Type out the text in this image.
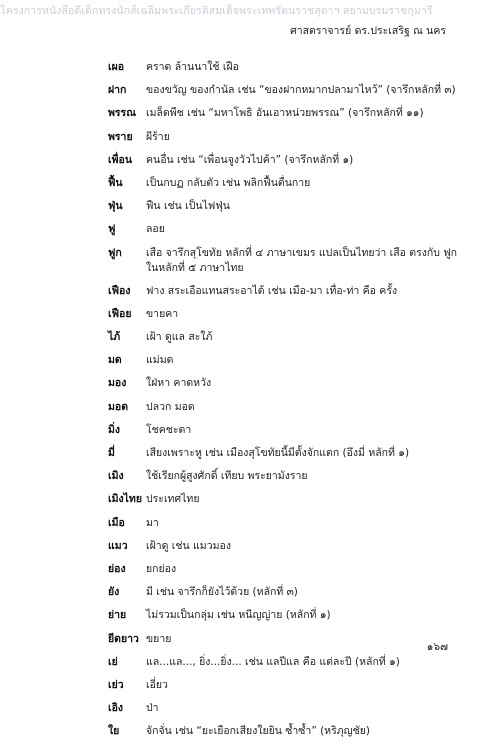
โครงการหนังสือดีเด็กทรงนักส์เฉลิมพระเกียรติสมเด็จพระเทพรัตนราชสุดาฯ สยามบรมราชกุมารี
ศาสตราจารย์ ดร.ประเสริฐ ณ นคร
เผอ	คราด ล้านนาใช้ เฝือ
ฝาก	ของขวัญ ของกำนัล เช่น “ของฝากหมากปลามาไหว้” (จารึกหลักที่ ๓)
พรรณ เมล็ดพืช เช่น “มหาโพธิ อันเอาหน่วยพรรณ” (จารึกหลักที่ ๑๑)
พราย	ผีร้าย
เพื่อน	คนอื่น เช่น “เพื่อนจูงวัวไปค้า” (จารึกหลักที่ ๑)
ฟื้น	เป็นกบฏ กลับตัว เช่น พลิกฟื้นตื่นกาย
ฟุ่น	ฟืน เช่น เป็นไฟฟุ่น
ฟู	ลอย
ฟูก	เสือ จารึกสุโขทัย หลักที่ ๔ ภาษาเขมร แปลเป็นไทยว่า เสือ ตรงกับ ฟูก ในหลักที่ ๕ ภาษาไทย
เฟือง	ฟาง สระเอือแทนสระอาได้ เช่น เมือ-มา เทื่อ-ท่า คือ ครั้ง
เฟือย	ขายคา
ไภ้	เฝ้า ดูแล สะใภ้
มด	แม่มด
มอง	ใฝ่หา คาดหวัง
มอด	ปลวก มอด
มิ่ง	โชคชะตา
มี่	เสียงเพราะหู เช่น เมืองสุโขทัยนี้มีตั้งจักแตก (อึงมี่ หลักที่ ๑)
เมิง	ใช้เรียกผู้สูงศักดิ์ เทียบ พระยามังราย
เมิงไทย ประเทศไทย
เมือ	มา
แมว	เฝ้าดู เช่น แมวมอง
ย่อง	ยกย่อง
ยัง	มี เช่น จารึกก็ยังไว้ด้วย (หลักที่ ๓)
ย่าย	ไม่รวมเป็นกลุ่ม เช่น หนีญญ่าย (หลักที่ ๑)
ยีดยาว ขยาย
เย่	แล...แล..., ยิ่ง...ยิ่ง... เช่น แลปีแล คือ แต่ละปี (หลักที่ ๑)
เย่ว	เอี่ยว
เอิง	ป่า
ใย	จักจั่น เช่น “ยะเยือกเสียงใยยิน ซ้ำซ้ำ” (หริภุญชัย)
๑๖๗
